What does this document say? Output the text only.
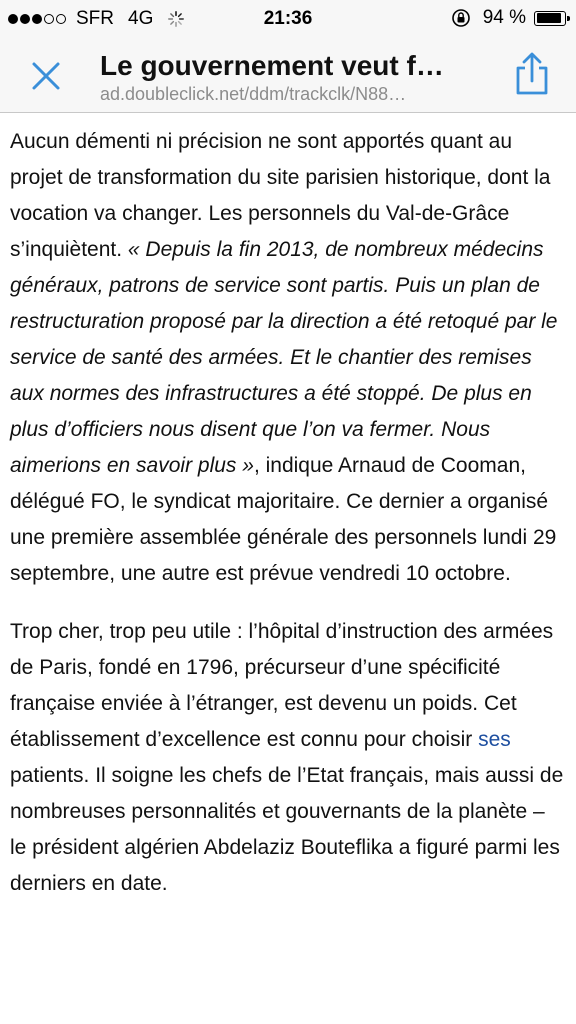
SFR 4G	21:36	94 %
Le gouvernement veut f…
ad.doubleclick.net/ddm/trackclk/N88…

Aucun démenti ni précision ne sont apportés quant au projet de transformation du site parisien historique, dont la vocation va changer. Les personnels du Val-de-Grâce s’inquiètent. « Depuis la fin 2013, de nombreux médecins généraux, patrons de service sont partis. Puis un plan de restructuration proposé par la direction a été retoqué par le service de santé des armées. Et le chantier des remises aux normes des infrastructures a été stoppé. De plus en plus d’officiers nous disent que l’on va fermer. Nous aimerions en savoir plus », indique Arnaud de Cooman, délégué FO, le syndicat majoritaire. Ce dernier a organisé une première assemblée générale des personnels lundi 29 septembre, une autre est prévue vendredi 10 octobre.

Trop cher, trop peu utile : l’hôpital d’instruction des armées de Paris, fondé en 1796, précurseur d’une spécificité française enviée à l’étranger, est devenu un poids. Cet établissement d’excellence est connu pour choisir ses patients. Il soigne les chefs de l’Etat français, mais aussi de nombreuses personnalités et gouvernants de la planète – le président algérien Abdelaziz Bouteflika a figuré parmi les derniers en date.
